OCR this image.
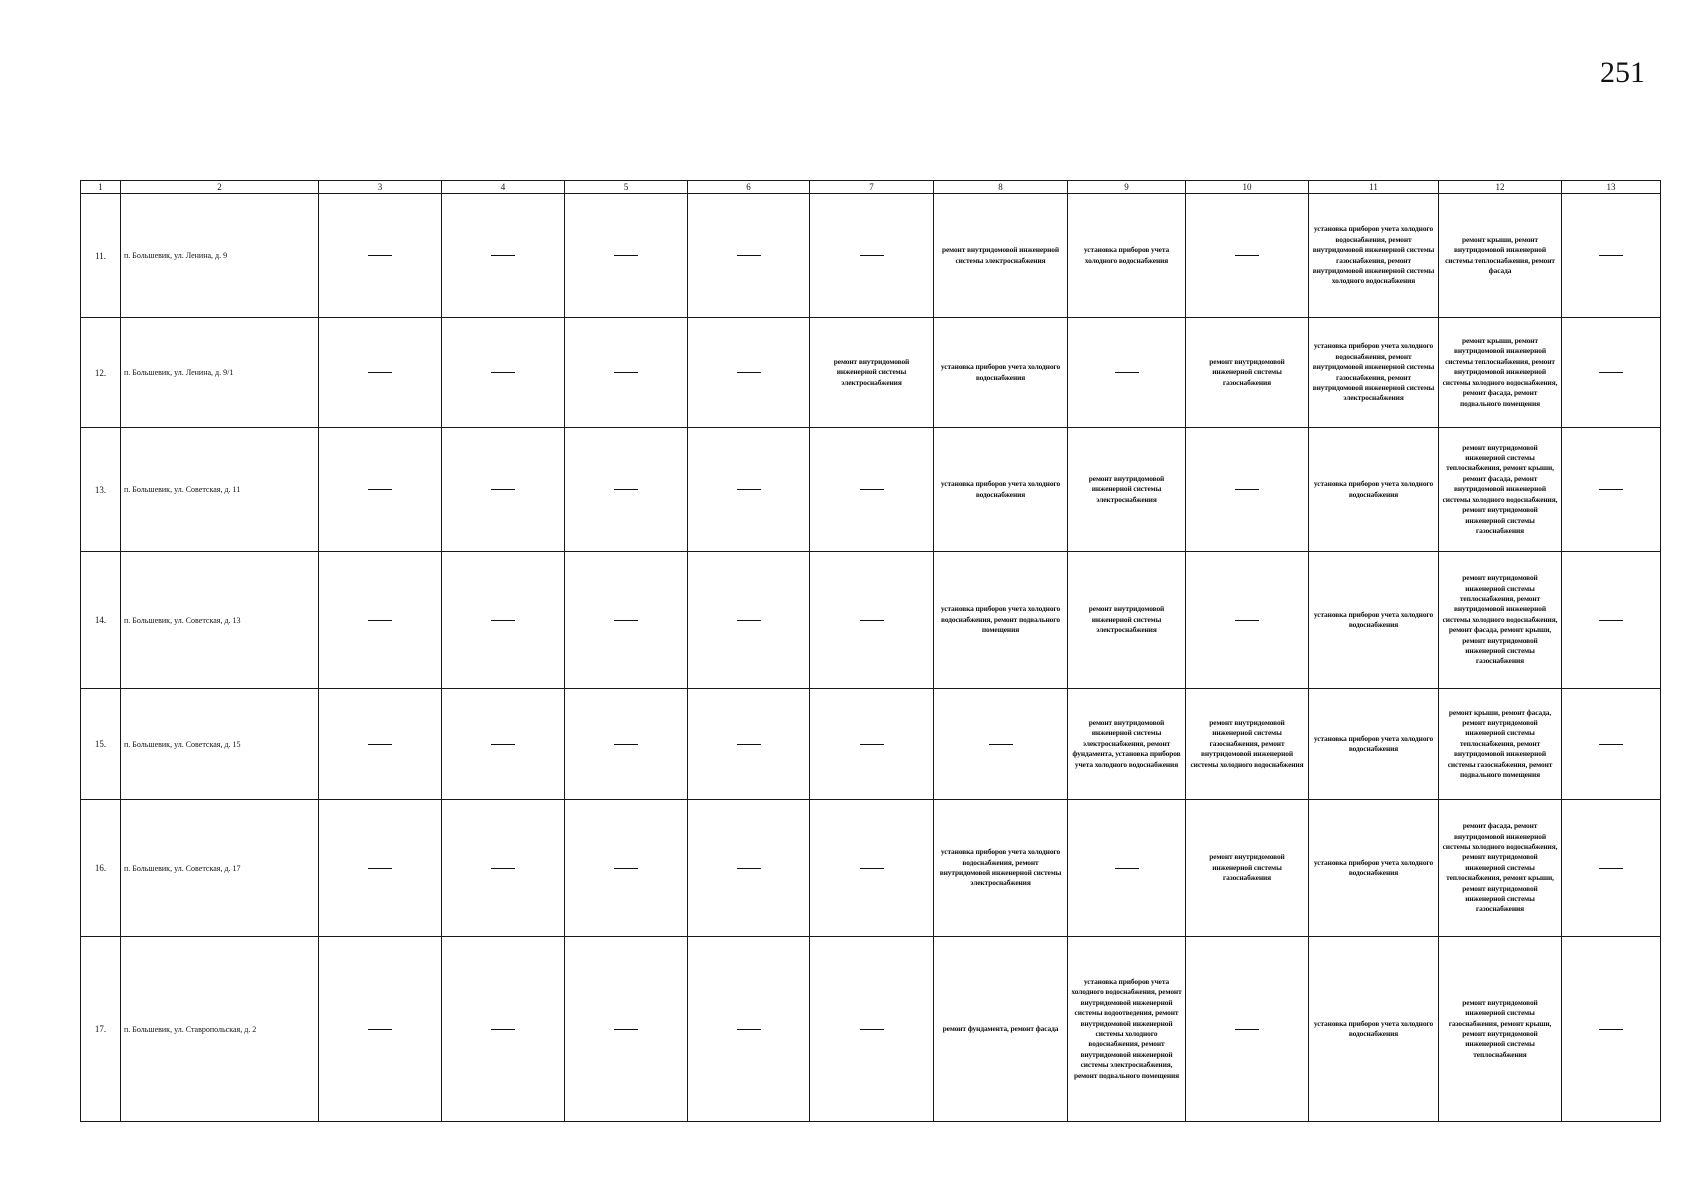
251
1	2	3	4	5	6	7	8	9	10	11	12	13
11.	п. Большевик, ул. Ленина, д. 9						ремонт внутридомовой инженерной системы электроснабжения	установка приборов учета холодного водоснабжения		установка приборов учета холодного водоснабжения, ремонт внутридомовой инженерной системы газоснабжения, ремонт внутридомовой инженерной системы холодного водоснабжения	ремонт крыши, ремонт внутридомовой инженерной системы теплоснабжения, ремонт фасада	
12.	п. Большевик, ул. Ленина, д. 9/1					ремонт внутридомовой инженерной системы электроснабжения	установка приборов учета холодного водоснабжения		ремонт внутридомовой инженерной системы газоснабжения	установка приборов учета холодного водоснабжения, ремонт внутридомовой инженерной системы газоснабжения, ремонт внутридомовой инженерной системы электроснабжения	ремонт крыши, ремонт внутридомовой инженерной системы теплоснабжения, ремонт внутридомовой инженерной системы холодного водоснабжения, ремонт фасада, ремонт подвального помещения	
13.	п. Большевик, ул. Советская, д. 11						установка приборов учета холодного водоснабжения	ремонт внутридомовой инженерной системы электроснабжения		установка приборов учета холодного водоснабжения	ремонт внутридомовой инженерной системы теплоснабжения, ремонт крыши, ремонт фасада, ремонт внутридомовой инженерной системы холодного водоснабжения, ремонт внутридомовой инженерной системы газоснабжения	
14.	п. Большевик, ул. Советская, д. 13						установка приборов учета холодного водоснабжения, ремонт подвального помещения	ремонт внутридомовой инженерной системы электроснабжения		установка приборов учета холодного водоснабжения	ремонт внутридомовой инженерной системы теплоснабжения, ремонт внутридомовой инженерной системы холодного водоснабжения, ремонт фасада, ремонт крыши, ремонт внутридомовой инженерной системы газоснабжения	
15.	п. Большевик, ул. Советская, д. 15							ремонт внутридомовой инженерной системы электроснабжения, ремонт фундамента, установка приборов учета холодного водоснабжения	ремонт внутридомовой инженерной системы газоснабжения, ремонт внутридомовой инженерной системы холодного водоснабжения	установка приборов учета холодного водоснабжения	ремонт крыши, ремонт фасада, ремонт внутридомовой инженерной системы теплоснабжения, ремонт внутридомовой инженерной системы газоснабжения, ремонт подвального помещения	
16.	п. Большевик, ул. Советская, д. 17						установка приборов учета холодного водоснабжения, ремонт внутридомовой инженерной системы электроснабжения		ремонт внутридомовой инженерной системы газоснабжения	установка приборов учета холодного водоснабжения	ремонт фасада, ремонт внутридомовой инженерной системы холодного водоснабжения, ремонт внутридомовой инженерной системы теплоснабжения, ремонт крыши, ремонт внутридомовой инженерной системы газоснабжения	
17.	п. Большевик, ул. Ставропольская, д. 2						ремонт фундамента, ремонт фасада	установка приборов учета холодного водоснабжения, ремонт внутридомовой инженерной системы водоотведения, ремонт внутридомовой инженерной системы холодного водоснабжения, ремонт внутридомовой инженерной системы электроснабжения, ремонт подвального помещения		установка приборов учета холодного водоснабжения	ремонт внутридомовой инженерной системы газоснабжения, ремонт крыши, ремонт внутридомовой инженерной системы теплоснабжения	
